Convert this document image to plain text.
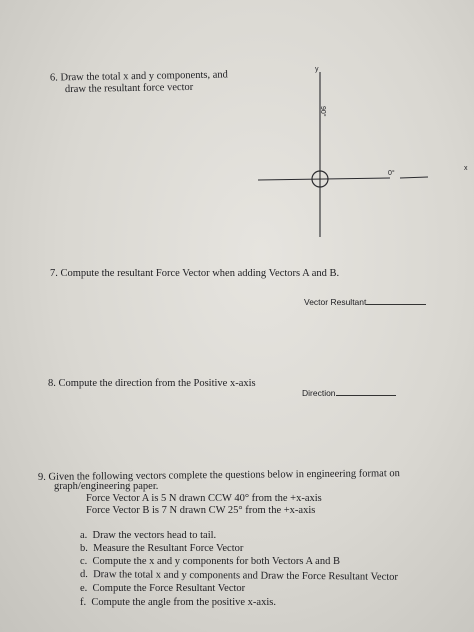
6. Draw the total x and y components, and
draw the resultant force vector
y
x
0°
90°
7. Compute the resultant Force Vector when adding Vectors A and B.
Vector Resultant
8. Compute the direction from the Positive x-axis
Direction
9. Given the following vectors complete the questions below in engineering format on
graph/engineering paper.
Force Vector A is 5 N drawn CCW 40° from the +x-axis
Force Vector B is 7 N drawn CW 25° from the +x-axis
a. Draw the vectors head to tail.
b. Measure the Resultant Force Vector
c. Compute the x and y components for both Vectors A and B
d. Draw the total x and y components and Draw the Force Resultant Vector
e. Compute the Force Resultant Vector
f. Compute the angle from the positive x-axis.
